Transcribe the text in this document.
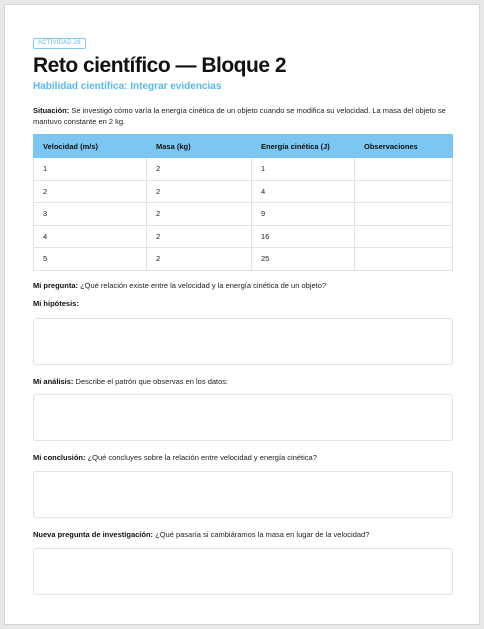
ACTIVIDAD 28
Reto científico — Bloque 2
Habilidad científica: Integrar evidencias
Situación: Se investigó cómo varía la energía cinética de un objeto cuando se modifica su velocidad. La masa del objeto se mantuvo constante en 2 kg.
Velocidad (m/s)	Masa (kg)	Energía cinética (J)	Observaciones
1	2	1	
2	2	4	
3	2	9	
4	2	16	
5	2	25	
Mi pregunta: ¿Qué relación existe entre la velocidad y la energía cinética de un objeto?
Mi hipótesis:
Mi análisis: Describe el patrón que observas en los datos:
Mi conclusión: ¿Qué concluyes sobre la relación entre velocidad y energía cinética?
Nueva pregunta de investigación: ¿Qué pasaría si cambiáramos la masa en lugar de la velocidad?
